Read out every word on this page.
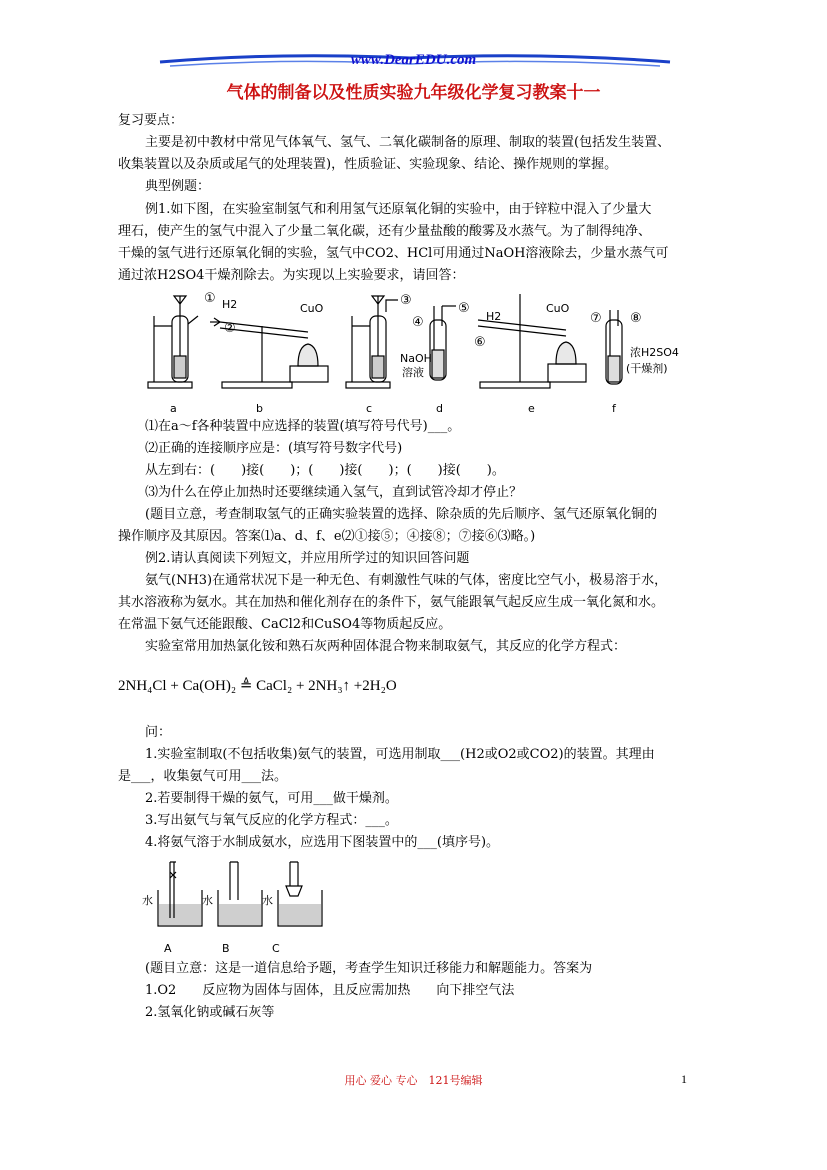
www.DearEDU.com
气体的制备以及性质实验九年级化学复习教案十一
复习要点：
主要是初中教材中常见气体氧气、氢气、二氧化碳制备的原理、制取的装置(包括发生装置、
收集装置以及杂质或尾气的处理装置)，性质验证、实验现象、结论、操作规则的掌握。
典型例题：
例1.如下图，在实验室制氢气和利用氢气还原氧化铜的实验中，由于锌粒中混入了少量大
理石，使产生的氢气中混入了少量二氧化碳，还有少量盐酸的酸雾及水蒸气。为了制得纯净、
干燥的氢气进行还原氧化铜的实验，氢气中CO2、HCl可用通过NaOH溶液除去，少量水蒸气可
通过浓H2SO4干燥剂除去。为实现以上实验要求，请回答：
①
②
③
④
⑤
⑥
⑦ ⑧
H2	CuO
H2
CuO
NaOH
溶液
浓H2SO4
(干燥剂)
a	b	c	d	e	f
⑴在a～f各种装置中应选择的装置(填写符号代号)___。
⑵正确的连接顺序应是：(填写符号数字代号)
从左到右：(　　)接(　　)；(　　)接(　　)；(　　)接(　　)。
⑶为什么在停止加热时还要继续通入氢气，直到试管冷却才停止？
(题目立意，考查制取氢气的正确实验装置的选择、除杂质的先后顺序、氢气还原氧化铜的
操作顺序及其原因。答案⑴a、d、f、e⑵①接⑤；④接⑧；⑦接⑥⑶略。)
例2.请认真阅读下列短文，并应用所学过的知识回答问题
氨气(NH3)在通常状况下是一种无色、有刺激性气味的气体，密度比空气小，极易溶于水，
其水溶液称为氨水。其在加热和催化剂存在的条件下，氨气能跟氧气起反应生成一氧化氮和水。
在常温下氨气还能跟酸、CaCl2和CuSO4等物质起反应。
实验室常用加热氯化铵和熟石灰两种固体混合物来制取氨气，其反应的化学方程式：
2NH₄Cl + Ca(OH)₂ ≜ CaCl₂ + 2NH₃↑ +2H₂O
问：
1.实验室制取(不包括收集)氨气的装置，可选用制取___(H2或O2或CO2)的装置。其理由
是___，收集氨气可用___法。
2.若要制得干燥的氨气，可用___做干燥剂。
3.写出氨气与氧气反应的化学方程式：___。
4.将氨气溶于水制成氨水，应选用下图装置中的___(填序号)。
水	水	水
A	B	C
(题目立意：这是一道信息给予题，考查学生知识迁移能力和解题能力。答案为
1.O2　　反应物为固体与固体，且反应需加热　　向下排空气法
2.氢氧化钠或碱石灰等
用心 爱心 专心　121号编辑	1
